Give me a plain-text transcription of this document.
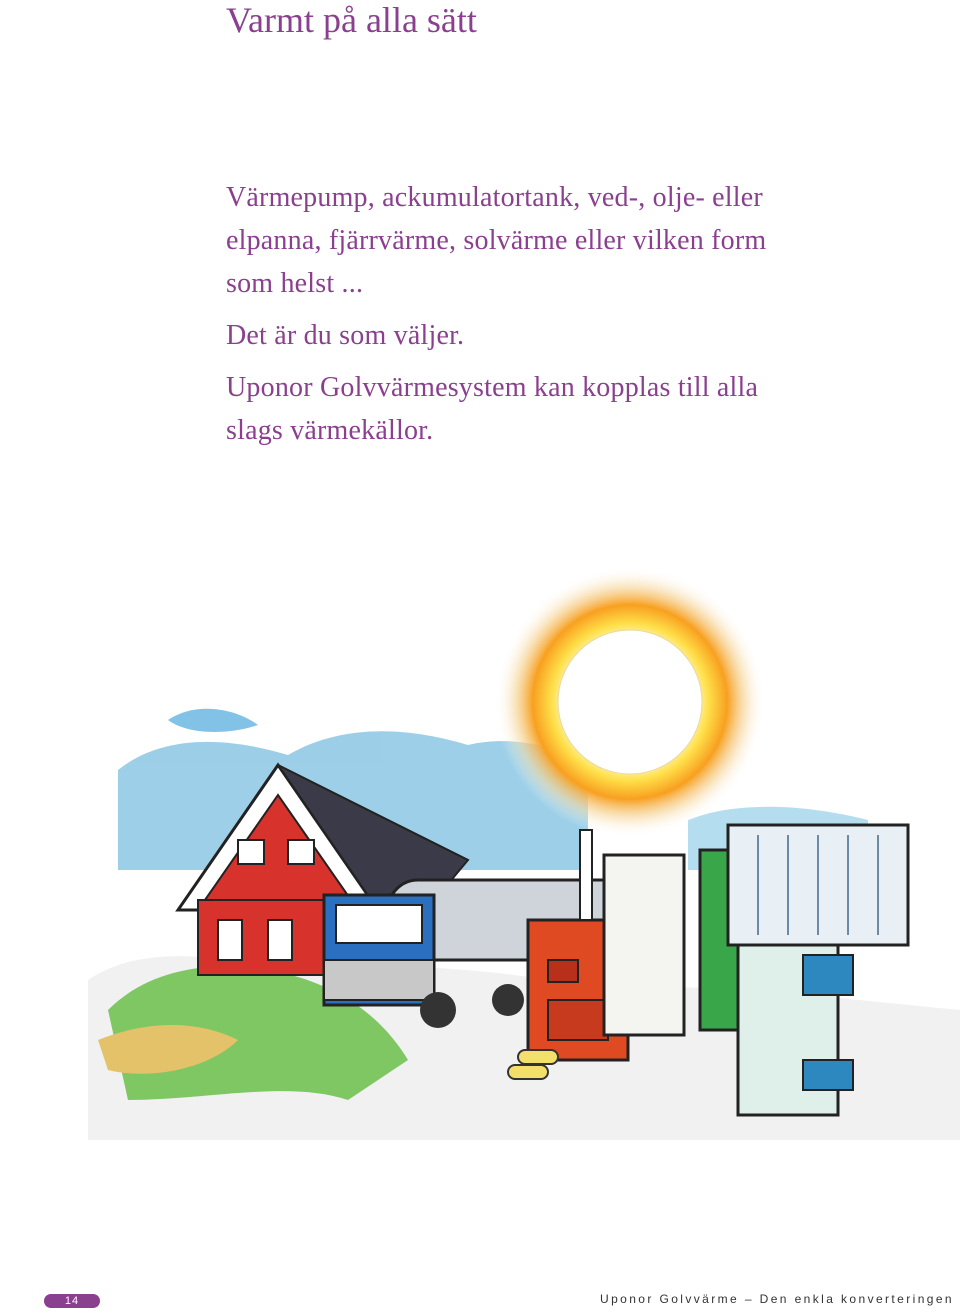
Varmt på alla sätt

Värmepump, ackumulatortank, ved-, olje- eller
elpanna, fjärrvärme, solvärme eller vilken form
som helst ...

Det är du som väljer.

Uponor Golvvärmesystem kan kopplas till alla
slags värmekällor.

14	Uponor Golvvärme – Den enkla konverteringen
